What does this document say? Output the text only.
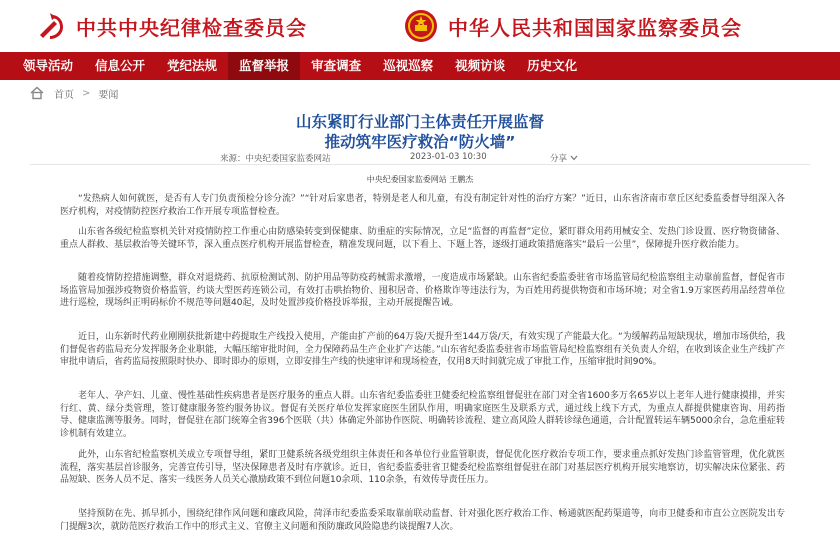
中共中央纪律检查委员会	中华人民共和国国家监察委员会
领导活动	信息公开	党纪法规	监督举报	审查调查	巡视巡察	视频访谈	历史文化
首页 > 要闻
山东紧盯行业部门主体责任开展监督
推动筑牢医疗救治“防火墙”
来源：中央纪委国家监委网站	2023-01-03 10:30	分享
中央纪委国家监委网站 王鹏杰

“发热病人如何就医，是否有人专门负责预检分诊分流？”“针对后家患者，特别是老人和儿童，有没有制定针对性的治疗方案？”近日，山东省济南市章丘区纪委监委督导组深入各医疗机构，对疫情防控医疗救治工作开展专项监督检查。

山东省各级纪检监察机关针对疫情防控工作重心由防感染转变到保健康、防重症的实际情况，立足“监督的再监督”定位，紧盯群众用药用械安全、发热门诊设置、医疗物资储备、重点人群救、基层救治等关键环节，深入重点医疗机构开展监督检查，精准发现问题，以下看上、下题上答，逐级打通政策措施落实“最后一公里”，保障提升医疗救治能力。

随着疫情防控措施调整，群众对退烧药、抗原检测试剂、防护用品等防疫药械需求激增，一度造成市场紧缺。山东省纪委监委驻省市场监管局纪检监察组主动靠前监督，督促省市场监管局加强涉疫物资价格监管，约谈大型医药连锁公司，有效打击哄抬物价、囤积居奇、价格欺诈等违法行为，为百姓用药提供物资和市场环境；对全省1.9万家医药用品经营单位进行巡检，现场纠正明码标价不规范等问题40起，及时处置涉疫价格投诉举报，主动开展提醒告诫。

近日，山东新时代药业刚刚获批新建中药提取生产线投入使用，产能由扩产前的64万袋/天提升至144万袋/天，有效实现了产能最大化。“为缓解药品短缺现状，增加市场供给，我们督促省药监局充分发挥服务企业职能，大幅压缩审批时间，全力保障药品生产企业扩产达能。”山东省纪委监委驻省市场监管局纪检监察组有关负责人介绍，在收到该企业生产线扩产审批申请后，省药监局按照限时快办、即时即办的原则，立即安排生产线的快速审评和现场检查，仅用8天时间就完成了审批工作，压缩审批时间90%。

老年人、孕产妇、儿童、慢性基础性疾病患者是医疗服务的重点人群。山东省纪委监委驻卫健委纪检监察组督促驻在部门对全省1600多万名65岁以上老年人进行健康摸排，并实行红、黄、绿分类管理，签订健康服务签约服务协议。督促有关医疗单位发挥家庭医生团队作用，明确家庭医生及联系方式，通过线上线下方式，为重点人群提供健康咨询、用药指导、健康监测等服务。同时，督促驻在部门统筹全省396个医联（共）体确定外部协作医院、明确转诊流程、建立高风险人群转诊绿色通道，合计配置转运车辆5000余台，急危重症转诊机制有效建立。

此外，山东省纪检监察机关成立专项督导组，紧盯卫健系统各级党组织主体责任和各单位行业监管职责，督促优化医疗救治专项工作，要求重点抓好发热门诊监管管理，优化就医流程，落实基层首诊服务，完善宣传引导，坚决保障患者及时有序就诊。近日，省纪委监委驻省卫健委纪检监察组督促驻在部门对基层医疗机构开展实地察访，切实解决床位紧张、药品短缺、医务人员不足、落实一线医务人员关心激励政策不到位问题10余项、110余条，有效传导责任压力。

坚持预防在先、抓早抓小，围绕纪律作风问题和廉政风险，菏泽市纪委监委采取靠前联动监督、针对强化医疗救治工作、畅通就医配药渠道等，向市卫健委和市直公立医院发出专门提醒3次，就防范医疗救治工作中的形式主义、官僚主义问题和预防廉政风险隐患约谈提醒7人次。
